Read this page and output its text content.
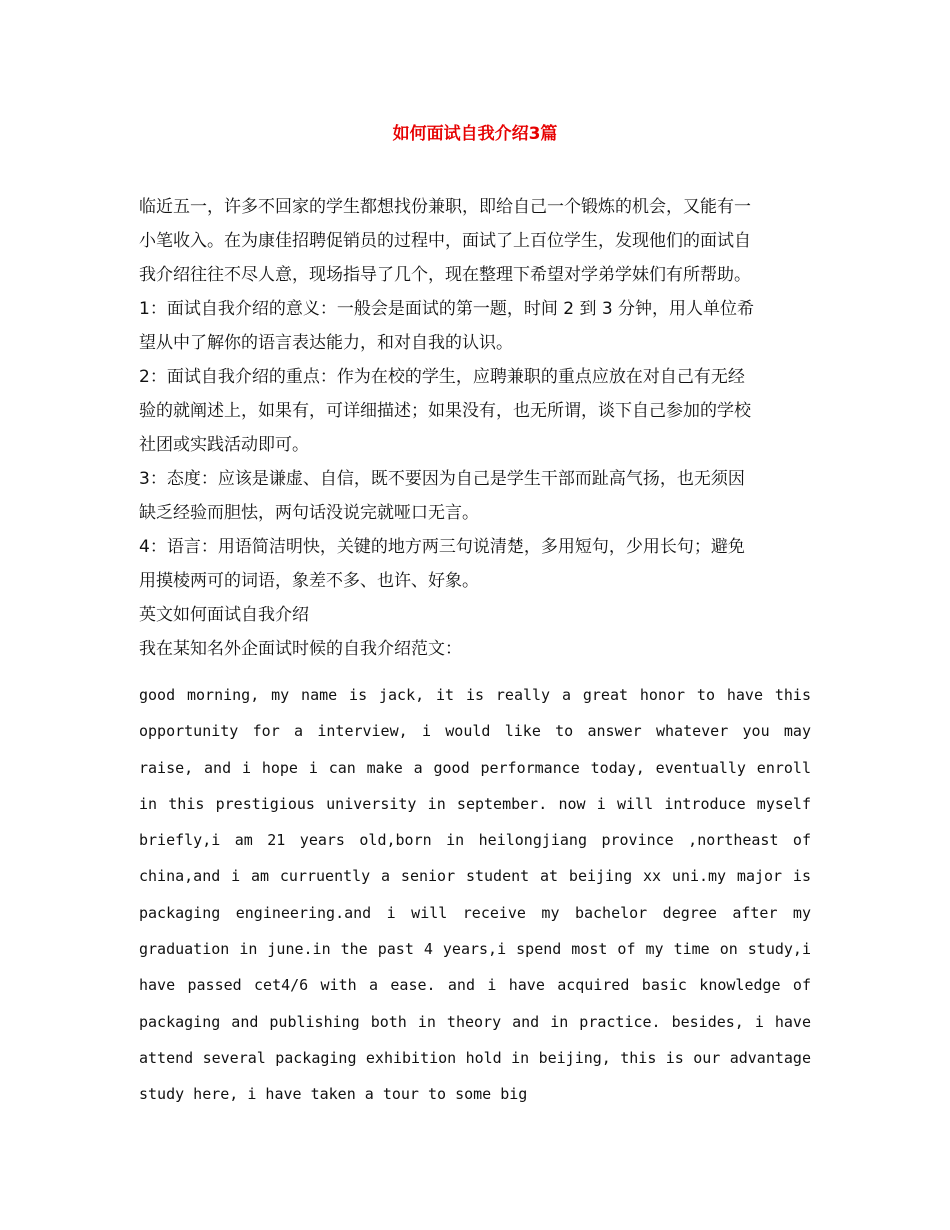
如何面试自我介绍3篇
临近五一，许多不回家的学生都想找份兼职，即给自己一个锻炼的机会，又能有一
小笔收入。在为康佳招聘促销员的过程中，面试了上百位学生，发现他们的面试自
我介绍往往不尽人意，现场指导了几个，现在整理下希望对学弟学妹们有所帮助。
1：面试自我介绍的意义：一般会是面试的第一题，时间 2 到 3 分钟，用人单位希
望从中了解你的语言表达能力，和对自我的认识。
2：面试自我介绍的重点：作为在校的学生，应聘兼职的重点应放在对自己有无经
验的就阐述上，如果有，可详细描述；如果没有，也无所谓，谈下自己参加的学校
社团或实践活动即可。
3：态度：应该是谦虚、自信，既不要因为自己是学生干部而趾高气扬，也无须因
缺乏经验而胆怯，两句话没说完就哑口无言。
4：语言：用语简洁明快，关键的地方两三句说清楚，多用短句，少用长句；避免
用摸棱两可的词语，象差不多、也许、好象。
英文如何面试自我介绍
我在某知名外企面试时候的自我介绍范文：
good morning, my name is jack, it is really a great honor to have this opportunity for a interview, i would like to answer whatever you may raise, and i hope i can make a good performance today, eventually enroll in this prestigious university in september. now i will introduce myself briefly,i am 21 years old,born in heilongjiang province ,northeast of china,and i am curruently a senior student at beijing xx uni.my major is packaging engineering.and i will receive my bachelor degree after my graduation in june.in the past 4 years,i spend most of my time on study,i have passed cet4/6 with a ease. and i have acquired basic knowledge of packaging and publishing both in theory and in practice. besides, i have attend several packaging exhibition hold in beijing, this is our advantage study here, i have taken a tour to some big
